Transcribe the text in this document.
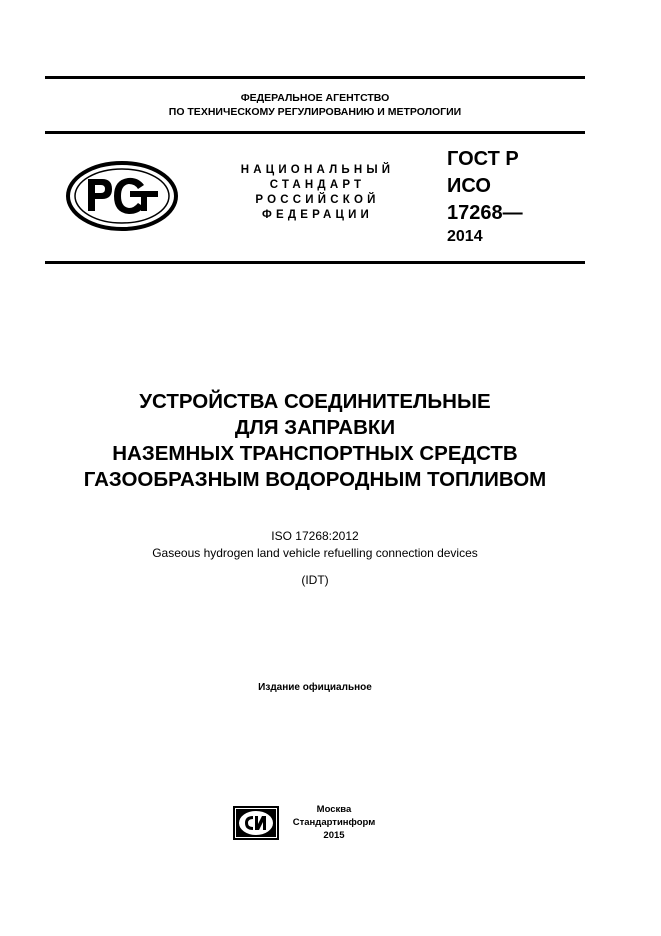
ФЕДЕРАЛЬНОЕ АГЕНТСТВО
ПО ТЕХНИЧЕСКОМУ РЕГУЛИРОВАНИЮ И МЕТРОЛОГИИ
НАЦИОНАЛЬНЫЙ
СТАНДАРТ
РОССИЙСКОЙ
ФЕДЕРАЦИИ
ГОСТ Р
ИСО
17268—
2014
УСТРОЙСТВА СОЕДИНИТЕЛЬНЫЕ
ДЛЯ ЗАПРАВКИ
НАЗЕМНЫХ ТРАНСПОРТНЫХ СРЕДСТВ
ГАЗООБРАЗНЫМ ВОДОРОДНЫМ ТОПЛИВОМ
ISO 17268:2012
Gaseous hydrogen land vehicle refuelling connection devices
(IDT)
Издание официальное
Москва
Стандартинформ
2015
